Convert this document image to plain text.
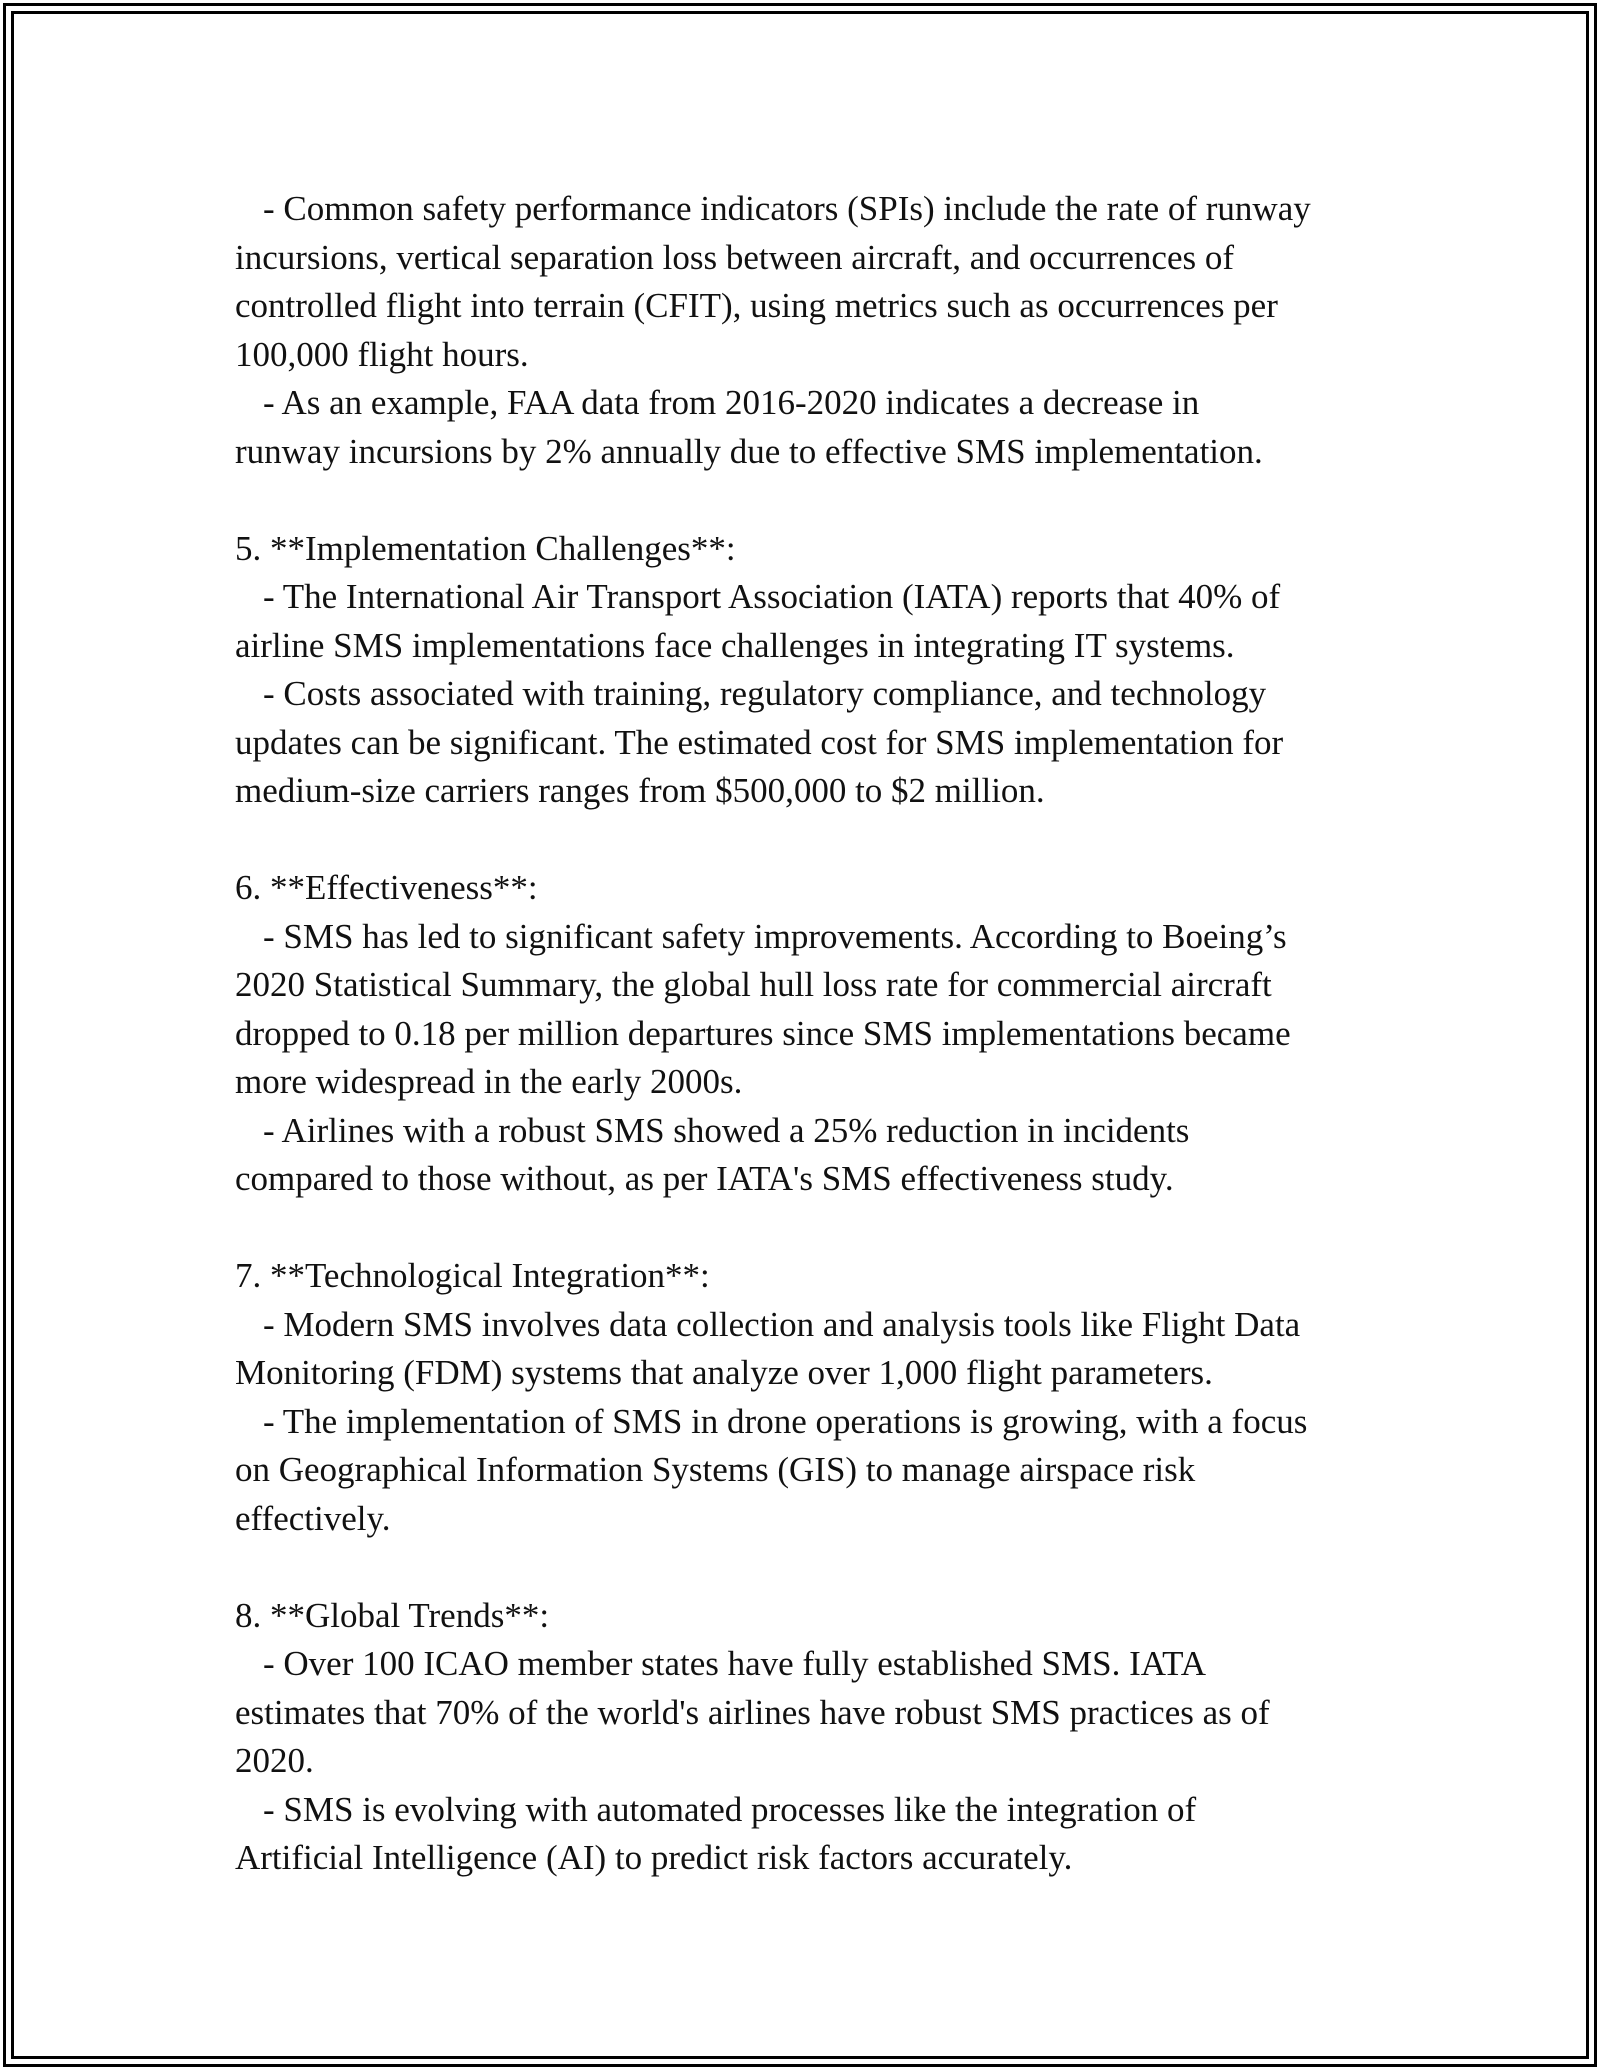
- Common safety performance indicators (SPIs) include the rate of runway
incursions, vertical separation loss between aircraft, and occurrences of
controlled flight into terrain (CFIT), using metrics such as occurrences per
100,000 flight hours.
- As an example, FAA data from 2016-2020 indicates a decrease in
runway incursions by 2% annually due to effective SMS implementation.
5. **Implementation Challenges**:
- The International Air Transport Association (IATA) reports that 40% of
airline SMS implementations face challenges in integrating IT systems.
- Costs associated with training, regulatory compliance, and technology
updates can be significant. The estimated cost for SMS implementation for
medium-size carriers ranges from $500,000 to $2 million.
6. **Effectiveness**:
- SMS has led to significant safety improvements. According to Boeing’s
2020 Statistical Summary, the global hull loss rate for commercial aircraft
dropped to 0.18 per million departures since SMS implementations became
more widespread in the early 2000s.
- Airlines with a robust SMS showed a 25% reduction in incidents
compared to those without, as per IATA's SMS effectiveness study.
7. **Technological Integration**:
- Modern SMS involves data collection and analysis tools like Flight Data
Monitoring (FDM) systems that analyze over 1,000 flight parameters.
- The implementation of SMS in drone operations is growing, with a focus
on Geographical Information Systems (GIS) to manage airspace risk
effectively.
8. **Global Trends**:
- Over 100 ICAO member states have fully established SMS. IATA
estimates that 70% of the world's airlines have robust SMS practices as of
2020.
- SMS is evolving with automated processes like the integration of
Artificial Intelligence (AI) to predict risk factors accurately.
